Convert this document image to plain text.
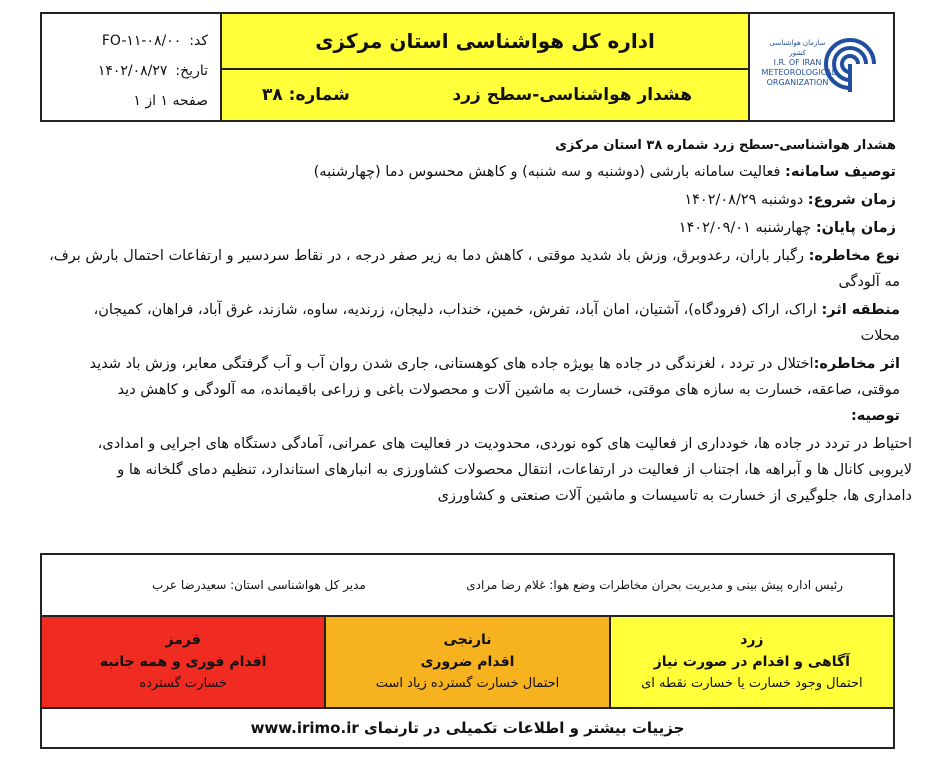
کد:
FO-۱۱-۰۸/۰۰
تاریخ:
۱۴۰۲/۰۸/۲۷
صفحه ۱ از ۱
اداره کل هواشناسی استان مرکزی
هشدار هواشناسی-سطح زرد
شماره: ۳۸
سازمان هواشناسی کشور
I.R. OF IRAN METEOROLOGICAL ORGANIZATION
هشدار هواشناسی-سطح زرد شماره ۳۸ استان مرکزی
توصیف سامانه: فعالیت سامانه بارشی (دوشنبه و سه شنبه) و کاهش محسوس دما (چهارشنبه)
زمان شروع: دوشنبه ۱۴۰۲/۰۸/۲۹
زمان پایان: چهارشنبه ۱۴۰۲/۰۹/۰۱
نوع مخاطره: رگبار باران، رعدوبرق، وزش باد شدید موقتی ، کاهش دما به زیر صفر درجه ، در نقاط سردسیر و ارتفاعات احتمال بارش برف،
مه آلودگی
منطقه اثر: اراک، اراک (فرودگاه)، آشتیان، امان آباد، تفرش، خمین، خنداب، دلیجان، زرندیه، ساوه، شازند، غرق آباد، فراهان، کمیجان،
محلات
اثر مخاطره:اختلال در تردد ، لغزندگی در جاده ها بویژه جاده های کوهستانی، جاری شدن روان آب و آب گرفتگی معابر، وزش باد شدید
موقتی، صاعقه، خسارت به سازه های موقتی، خسارت به ماشین آلات و محصولات باغی و زراعی باقیمانده، مه آلودگی و کاهش دید
توصیه:
احتیاط در تردد در جاده ها، خودداری از فعالیت های کوه نوردی، محدودیت در فعالیت های عمرانی، آمادگی دستگاه های اجرایی و امدادی،
لایروبی کانال ها و آبراهه ها، اجتناب از فعالیت در ارتفاعات، انتقال محصولات کشاورزی به انبارهای استاندارد، تنظیم دمای گلخانه ها و
دامداری ها، جلوگیری از خسارت به تاسیسات و ماشین آلات صنعتی و کشاورزی
رئیس اداره پیش بینی و مدیریت بحران مخاطرات وضع هوا: غلام رضا مرادی
مدیر کل هواشناسی استان: سعیدرضا عرب
زرد
آگاهی و اقدام در صورت نیاز
احتمال وجود خسارت یا خسارت نقطه ای
نارنجی
اقدام ضروری
احتمال خسارت گسترده زیاد است
قرمز
اقدام فوری و همه جانبه
خسارت گسترده
جزییات بیشتر و اطلاعات تکمیلی در تارنمای

www.irimo.ir
